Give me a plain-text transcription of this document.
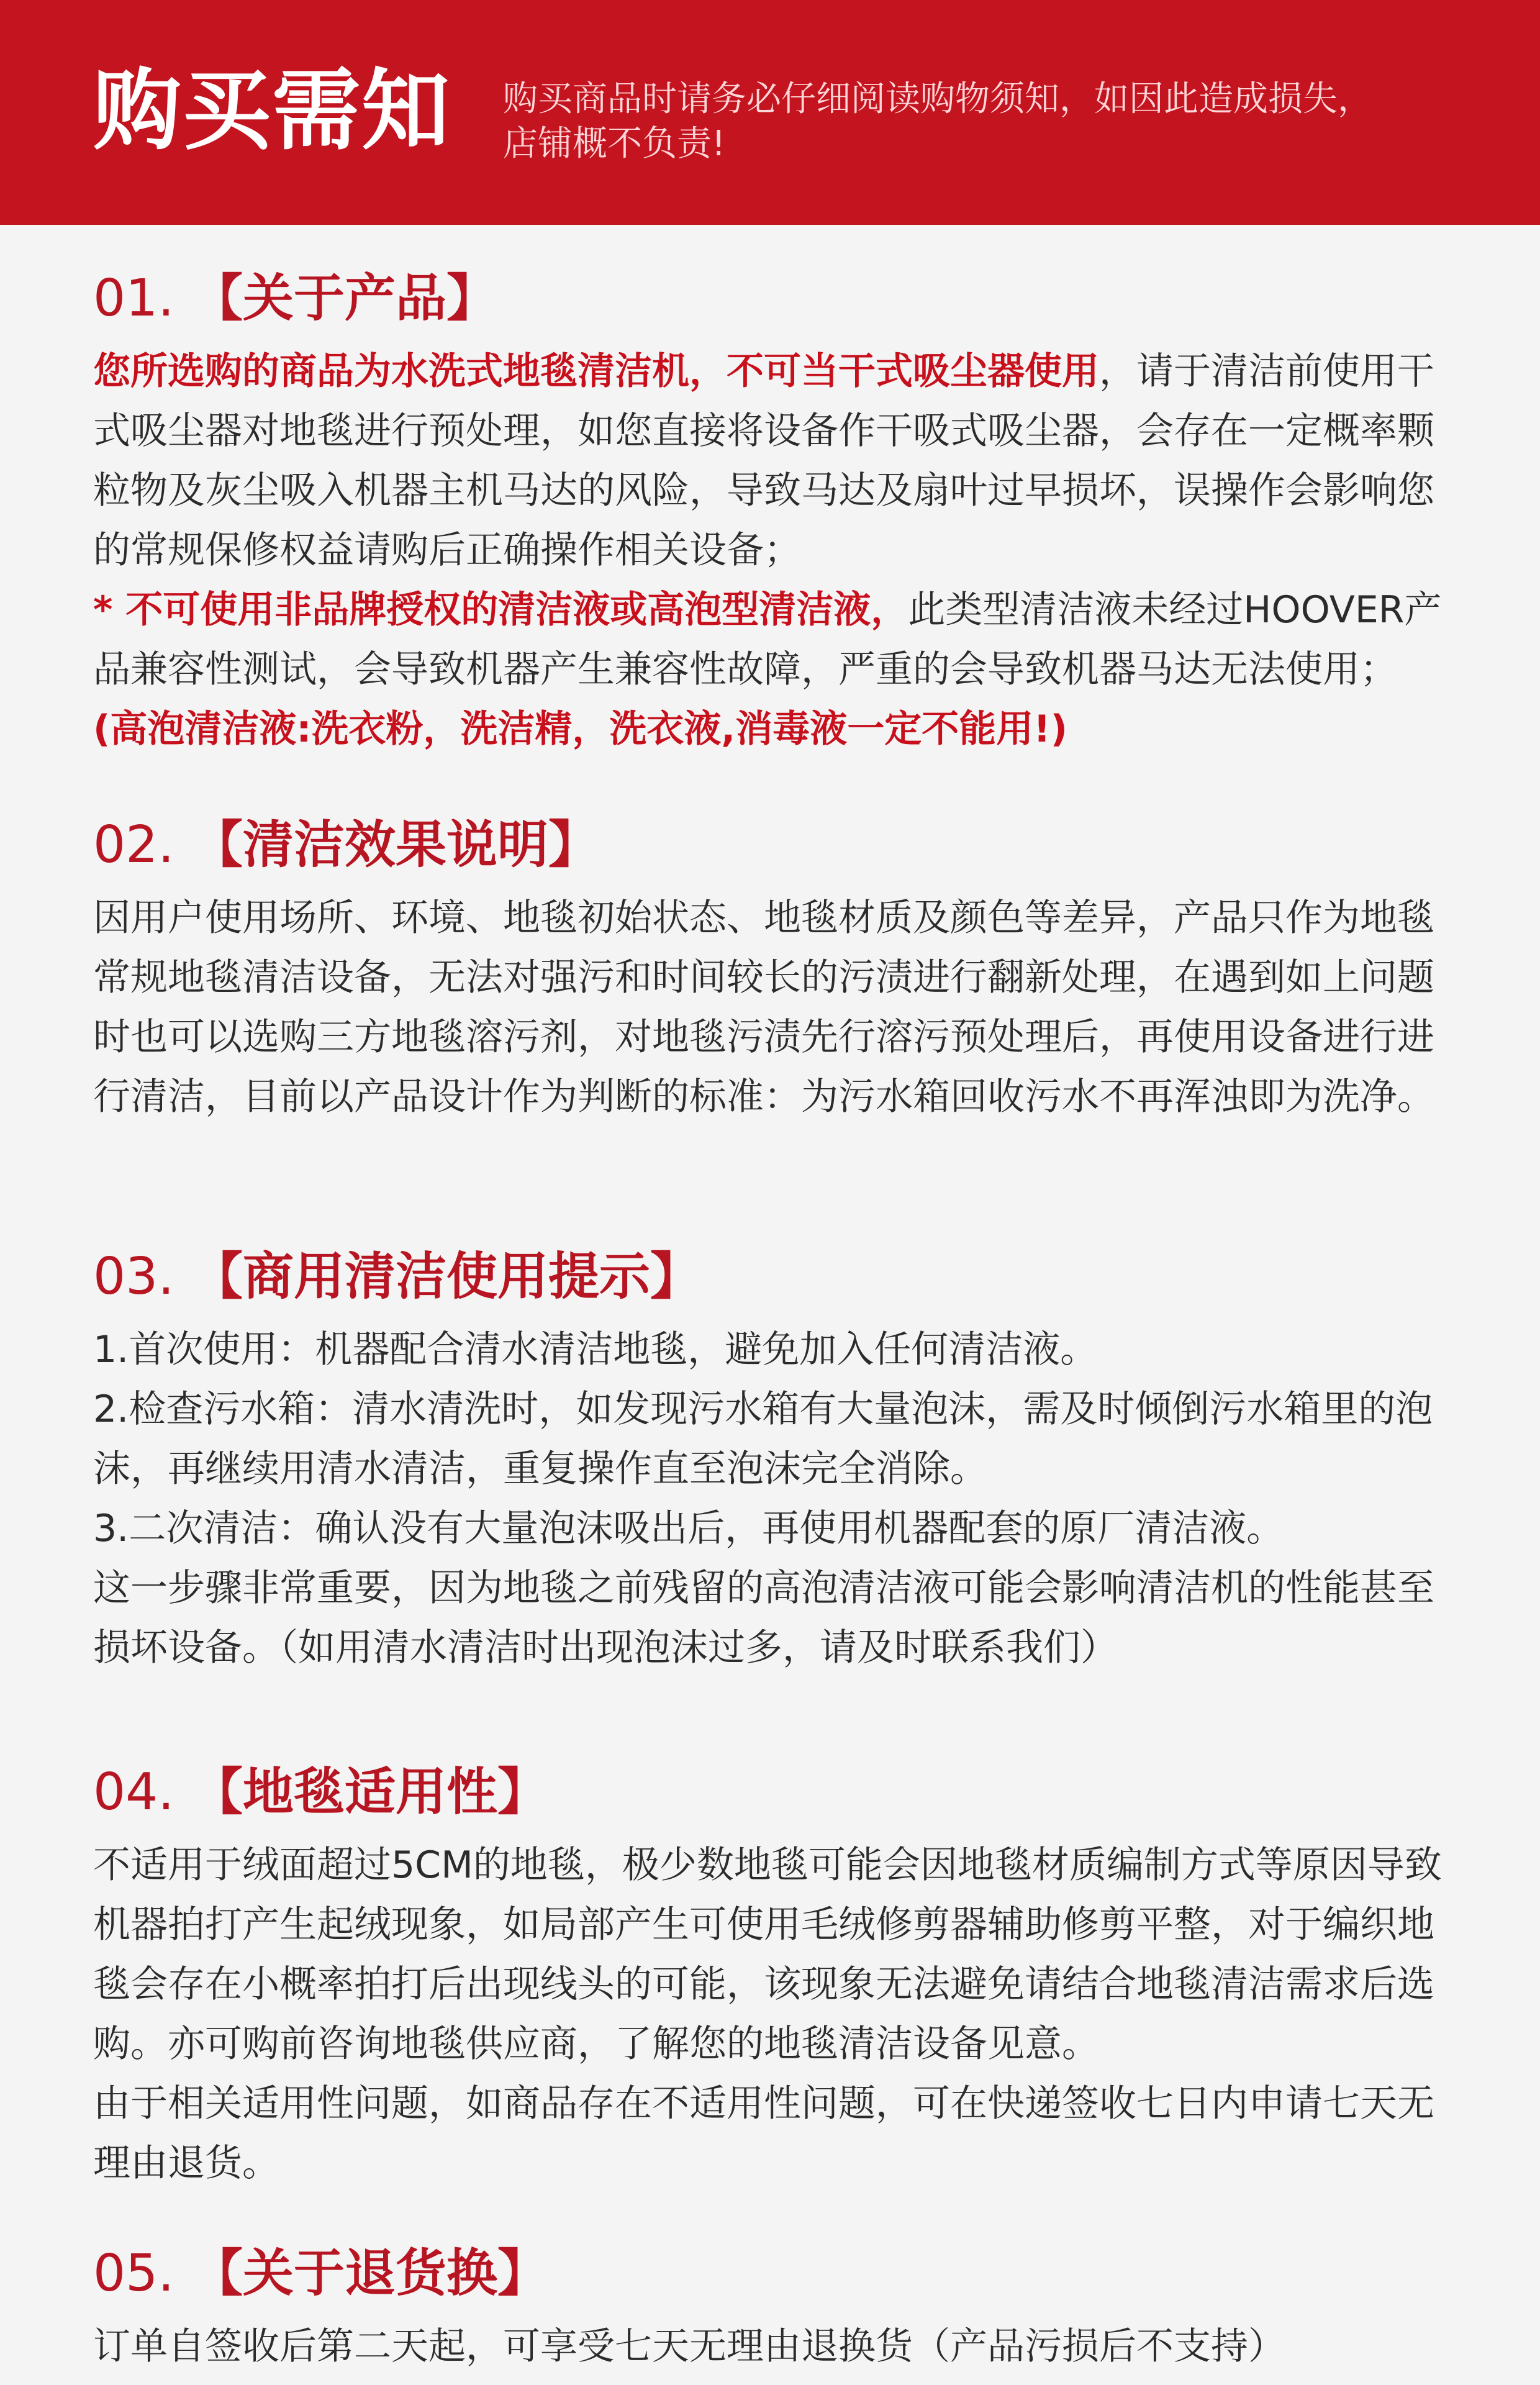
购买需知 购买商品时请务必仔细阅读购物须知，如因此造成损失，
店铺概不负责!
01. 【关于产品】

您所选购的商品为水洗式地毯清洁机，不可当干式吸尘器使用，请于清洁前使用干式吸尘器对地毯进行预处理，如您直接将设备作干吸式吸尘器，会存在一定概率颗粒物及灰尘吸入机器主机马达的风险，导致马达及扇叶过早损坏，误操作会影响您的常规保修权益请购后正确操作相关设备；

* 不可使用非品牌授权的清洁液或高泡型清洁液，此类型清洁液未经过HOOVER产品兼容性测试，会导致机器产生兼容性故障，严重的会导致机器马达无法使用；(高泡清洁液:洗衣粉，洗洁精，洗衣液,消毒液一定不能用!)

02. 【清洁效果说明】

因用户使用场所、环境、地毯初始状态、地毯材质及颜色等差异，产品只作为地毯常规地毯清洁设备，无法对强污和时间较长的污渍进行翻新处理，在遇到如上问题时也可以选购三方地毯溶污剂，对地毯污渍先行溶污预处理后，再使用设备进行进行清洁，目前以产品设计作为判断的标准：为污水箱回收污水不再浑浊即为洗净。

03. 【商用清洁使用提示】

1.首次使用：机器配合清水清洁地毯，避免加入任何清洁液。

2.检查污水箱：清水清洗时，如发现污水箱有大量泡沫，需及时倾倒污水箱里的泡沫，再继续用清水清洁，重复操作直至泡沫完全消除。

3.二次清洁：确认没有大量泡沫吸出后，再使用机器配套的原厂清洁液。

这一步骤非常重要，因为地毯之前残留的高泡清洁液可能会影响清洁机的性能甚至损坏设备。（如用清水清洁时出现泡沫过多，请及时联系我们）

04. 【地毯适用性】

不适用于绒面超过5CM的地毯，极少数地毯可能会因地毯材质编制方式等原因导致机器拍打产生起绒现象，如局部产生可使用毛绒修剪器辅助修剪平整，对于编织地毯会存在小概率拍打后出现线头的可能，该现象无法避免请结合地毯清洁需求后选购。亦可购前咨询地毯供应商，了解您的地毯清洁设备见意。

由于相关适用性问题，如商品存在不适用性问题，可在快递签收七日内申请七天无理由退货。

05. 【关于退货换】

订单自签收后第二天起，可享受七天无理由退换货（产品污损后不支持）
